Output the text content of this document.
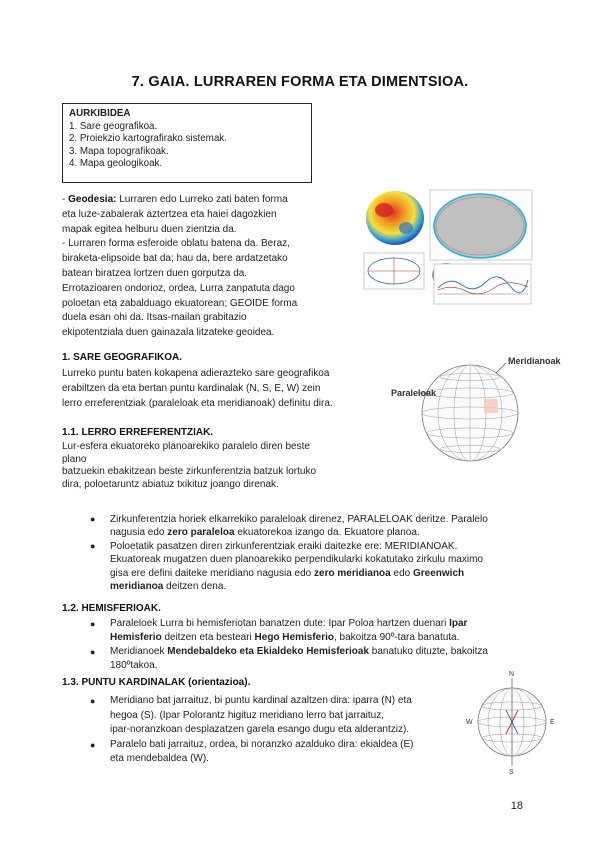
7. GAIA. LURRAREN FORMA ETA DIMENTSIOA.
AURKIBIDEA
1. Sare geografikoa.
2. Proiekzio kartografirako sistemak.
3. Mapa topografikoak.
4. Mapa geologikoak.
- Geodesia: Lurraren edo Lurreko zati baten forma
eta luze-zabalerak aztertzea eta haiei dagozkien
mapak egitea helburu duen zientzia da.
- Lurraren forma esferoide oblatu batena da. Beraz,
biraketa-elipsoide bat da; hau da, bere ardatzetako
batean biratzea lortzen duen gorputza da.
Errotazioaren ondorioz, ordea, Lurra zanpatuta dago
poloetan eta zabalduago ekuatorean; GEOIDE forma
duela esan ohi da. Itsas-mailan grabitazio
ekipotentziala duen gainazala litzateke geoidea.
1. SARE GEOGRAFIKOA.
Lurreko puntu baten kokapena adierazteko sare geografikoa
erabiltzen da eta bertan puntu kardinalak (N, S, E, W) zein
lerro erreferentziak (paraleloak eta meridianoak) definitu dira.
Meridianoak
Paraleloak
1.1. LERRO ERREFERENTZIAK.
Lur-esfera ekuatoreko planoarekiko paralelo diren beste
plano
batzuekin ebakitzean beste zirkunferentzia batzuk lortuko
dira, poloetaruntz abiatuz txikituz joango direnak.
● Zirkunferentzia horiek elkarrekiko paraleloak direnez, PARALELOAK deritze. Paralelo
nagusia edo zero paraleloa ekuatorekoa izango da. Ekuatore planoa.
● Poloetatik pasatzen diren zirkunferentziak eraiki daitezke ere: MERIDIANOAK.
Ekuatoreak mugatzen duen planoarekiko perpendikularki kokatutako zirkulu maximo
gisa ere defini daiteke meridiano nagusia edo zero meridianoa edo Greenwich
meridianoa deitzen dena.
1.2. HEMISFERIOAK.
● Paraleloek Lurra bi hemisferiotan banatzen dute: Ipar Poloa hartzen duenari Ipar
Hemisferio deitzen eta besteari Hego Hemisferio, bakoitza 90º-tara banatuta.
● Meridianoek Mendebaldeko eta Ekialdeko Hemisferioak banatuko dituzte, bakoitza
180ºtakoa.
1.3. PUNTU KARDINALAK (orientazioa).
● Meridiano bat jarraituz, bi puntu kardinal azaltzen dira: iparra (N) eta
hegoa (S). (Ipar Polorantz higituz meridiano lerro bat jarraituz,
ipar-noranzkoan desplazatzen garela esango dugu eta alderantziz).
● Paralelo bati jarraituz, ordea, bi noranzko azalduko dira: ekialdea (E)
eta mendebaldea (W).
N
S
E
W
18
